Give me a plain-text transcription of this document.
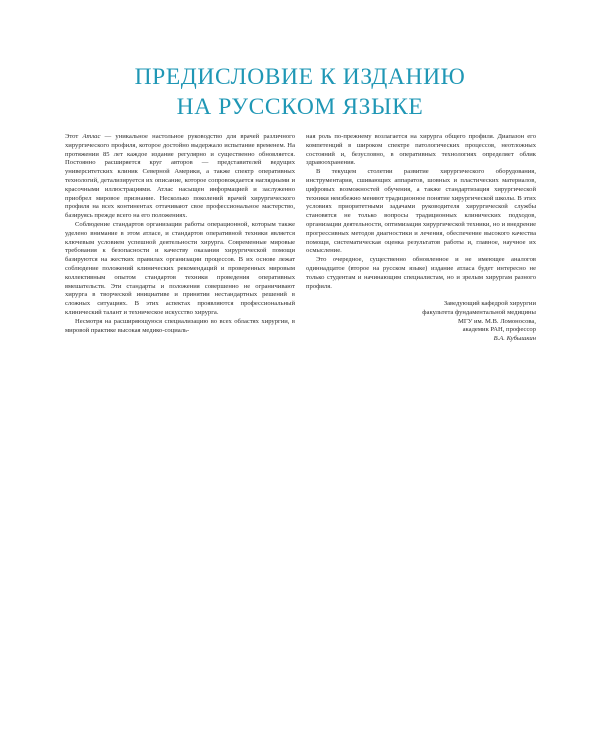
ПРЕДИСЛОВИЕ К ИЗДАНИЮ
НА РУССКОМ ЯЗЫКЕ

Этот Атлас — уникальное настольное руководство для врачей различного хирургического профиля, которое достойно выдержало испытание временем. На протяжении 85 лет каждое издание регулярно и существенно обновляется. Постоянно расширяется круг авторов — представителей ведущих университетских клиник Северной Америки, а также спектр оперативных технологий, детализируется их описание, которое сопровождается наглядными и красочными иллюстрациями. Атлас насыщен информацией и заслуженно приобрел мировое признание. Несколько поколений врачей хирургического профиля на всех континентах оттачивают свое профессиональное мастерство, базируясь прежде всего на его положениях.

Соблюдение стандартов организации работы операционной, которым также уделено внимание в этом атласе, и стандартов оперативной техники является ключевым условием успешной деятельности хирурга. Современные мировые требования к безопасности и качеству оказания хирургической помощи базируются на жестких правилах организации процессов. В их основе лежат соблюдение положений клинических рекомендаций и проверенных мировым коллективным опытом стандартов техники проведения оперативных вмешательств. Эти стандарты и положения совершенно не ограничивают хирурга в творческой инициативе и принятии нестандартных решений в сложных ситуациях. В этих аспектах проявляются профессиональный клинический талант и техническое искусство хирурга.

Несмотря на расширяющуюся специализацию во всех областях хирургии, в мировой практике высокая медико-социаль-

ная роль по-прежнему возлагается на хирурга общего профиля. Диапазон его компетенций в широком спектре патологических процессов, неотложных состояний и, безусловно, в оперативных технологиях определяет облик здравоохранения.

В текущем столетии развитие хирургического оборудования, инструментария, сшивающих аппаратов, шовных и пластических материалов, цифровых возможностей обучения, а также стандартизация хирургической техники неизбежно меняют традиционное понятие хирургической школы. В этих условиях приоритетными задачами руководителя хирургической службы становятся не только вопросы традиционных клинических подходов, организации деятельности, оптимизация хирургической техники, но и внедрение прогрессивных методов диагностики и лечения, обеспечение высокого качества помощи, систематическая оценка результатов работы и, главное, научное их осмысление.

Это очередное, существенно обновленное и не имеющее аналогов одиннадцатое (второе на русском языке) издание атласа будет интересно не только студентам и начинающим специалистам, но и зрелым хирургам разного профиля.

Заведующий кафедрой хирургии
факультета фундаментальной медицины
МГУ им. М.В. Ломоносова,
академик РАН, профессор
В.А. Кубышкин
